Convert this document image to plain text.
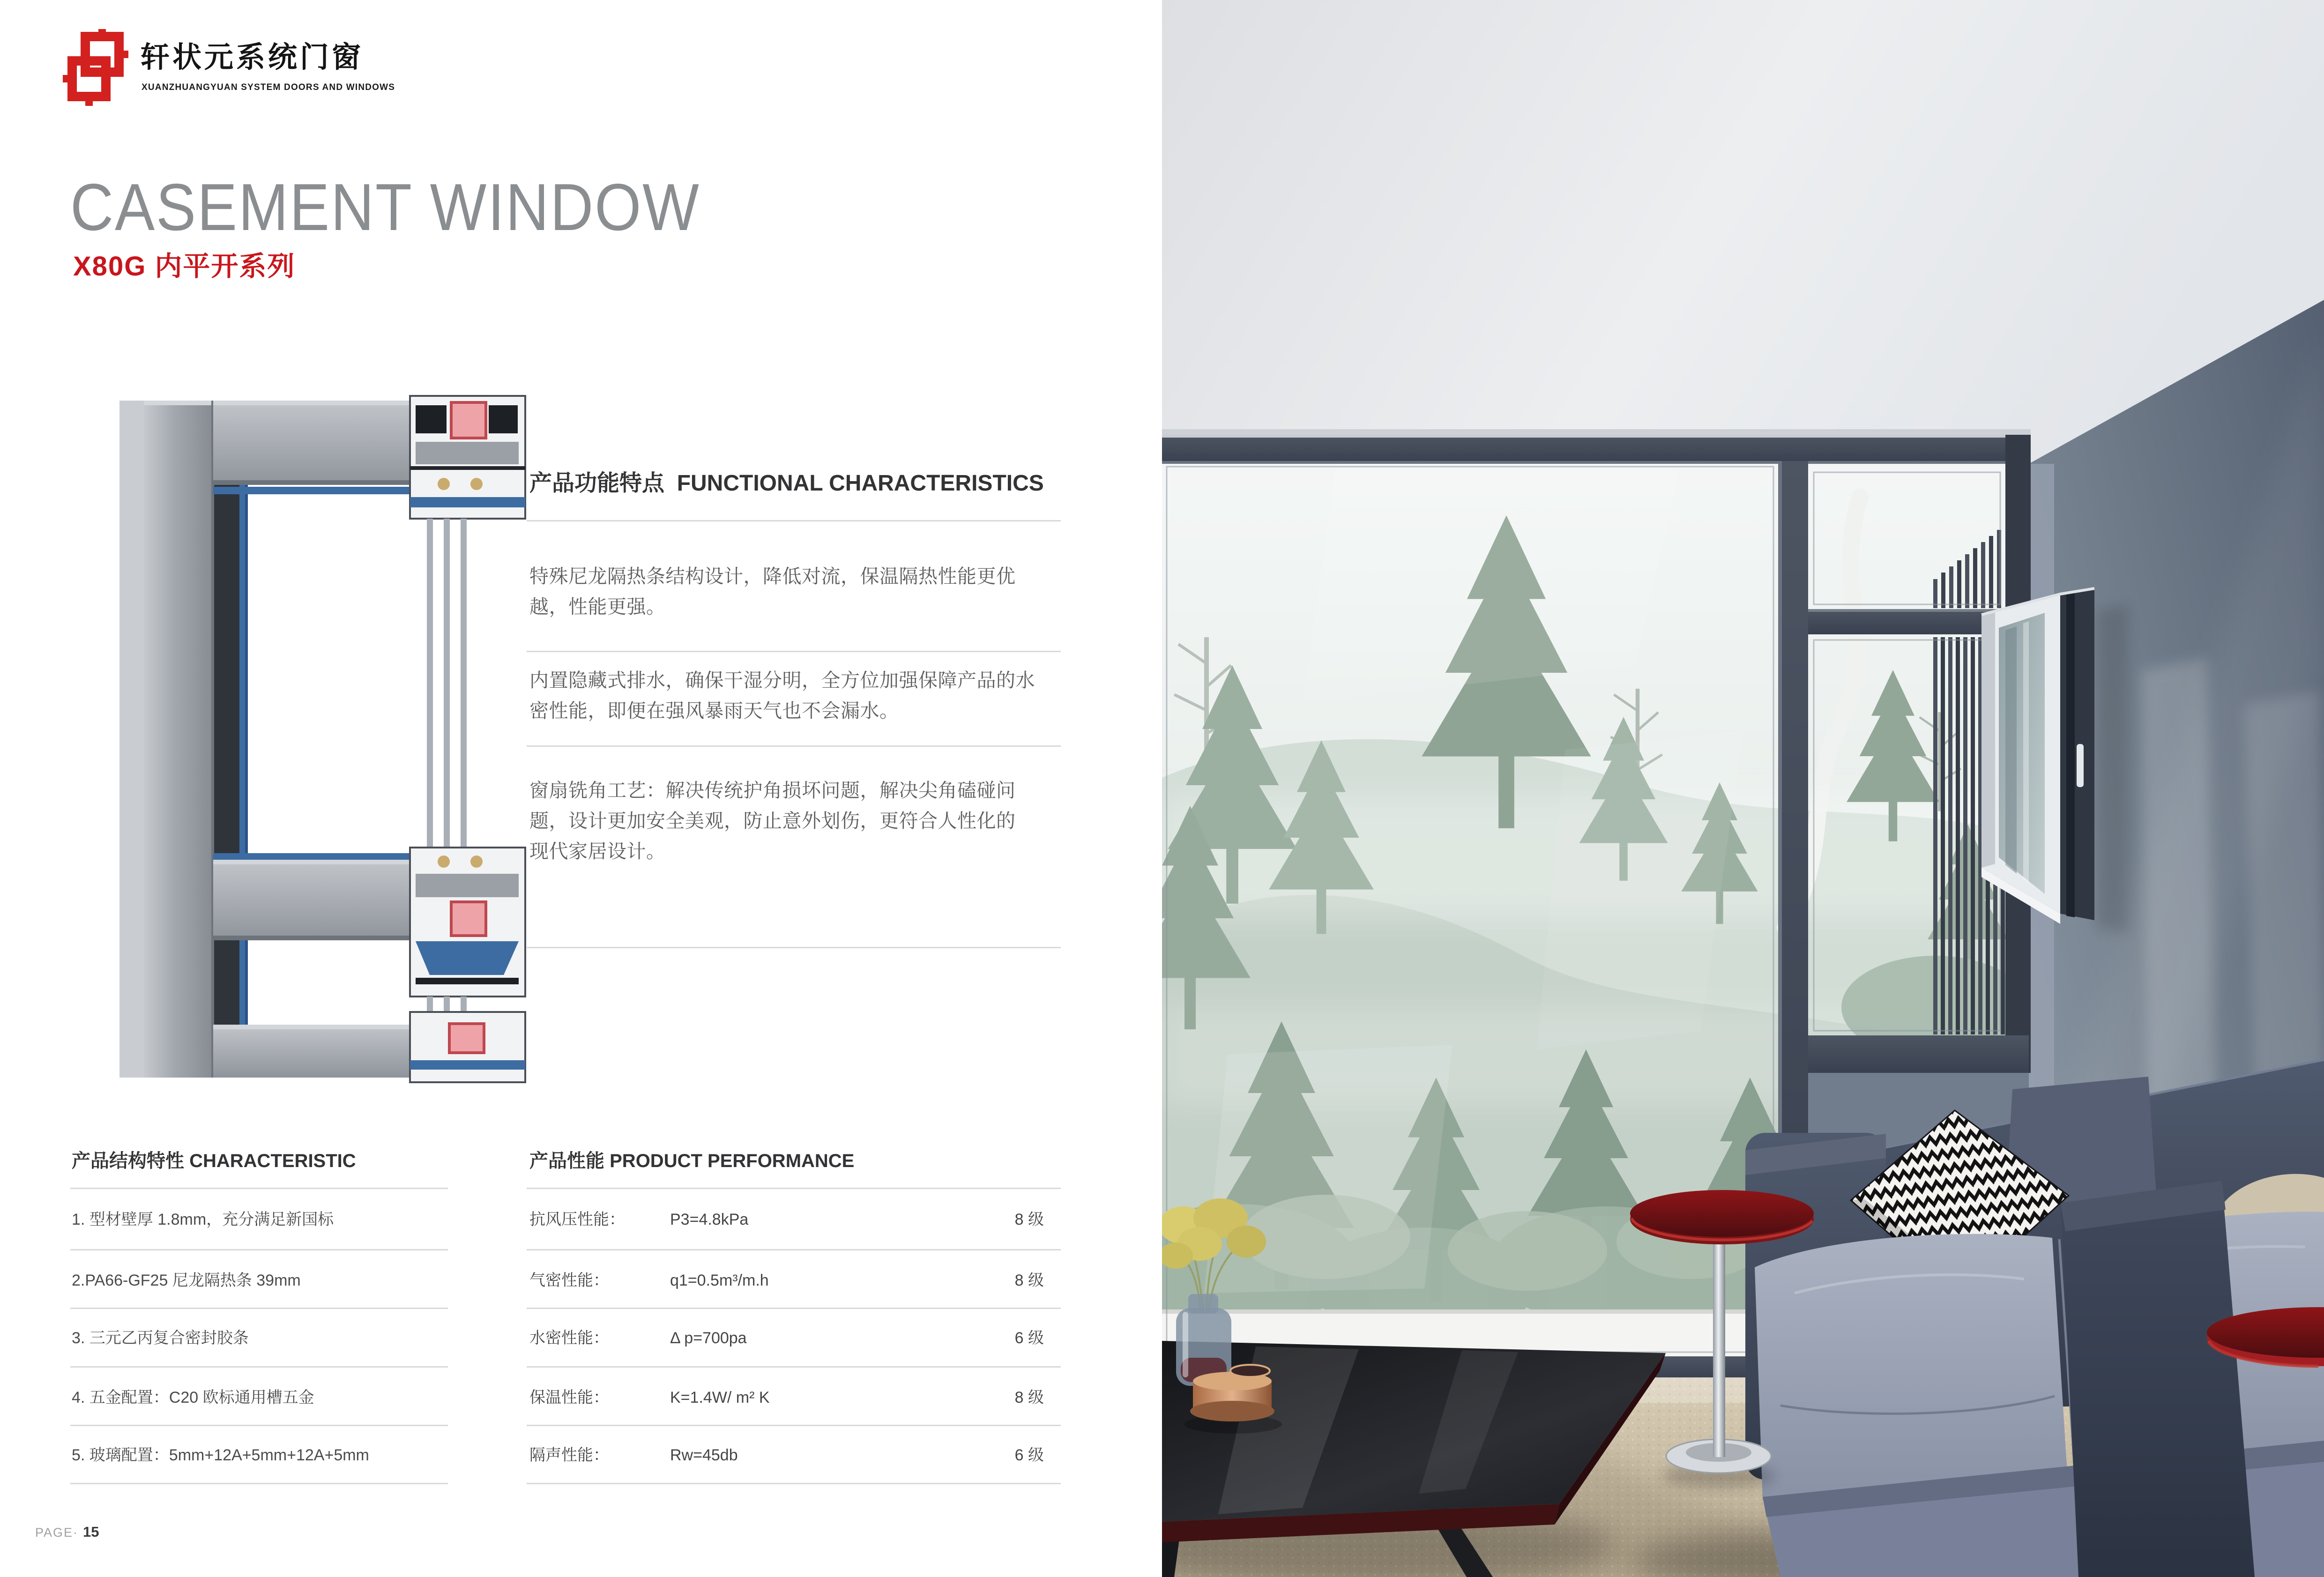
轩状元系统门窗
XUANZHUANGYUAN SYSTEM DOORS AND WINDOWS
CASEMENT WINDOW
X80G 内平开系列
产品功能特点 FUNCTIONAL CHARACTERISTICS
特殊尼龙隔热条结构设计，降低对流，保温隔热性能更优越，性能更强。
内置隐藏式排水，确保干湿分明，全方位加强保障产品的水密性能，即便在强风暴雨天气也不会漏水。
窗扇铣角工艺：解决传统护角损坏问题，解决尖角磕碰问题，设计更加安全美观，防止意外划伤，更符合人性化的现代家居设计。
产品结构特性 CHARACTERISTIC
1. 型材壁厚 1.8mm，充分满足新国标
2.PA66-GF25 尼龙隔热条 39mm
3. 三元乙丙复合密封胶条
4. 五金配置：C20 欧标通用槽五金
5. 玻璃配置：5mm+12A+5mm+12A+5mm
产品性能 PRODUCT PERFORMANCE
抗风压性能：	P3=4.8kPa	8 级
气密性能：	q1=0.5m³/m.h	8 级
水密性能：	Δ p=700pa	6 级
保温性能：	K=1.4W/ m² K	8 级
隔声性能：	Rw=45db	6 级
PAGE· 15
